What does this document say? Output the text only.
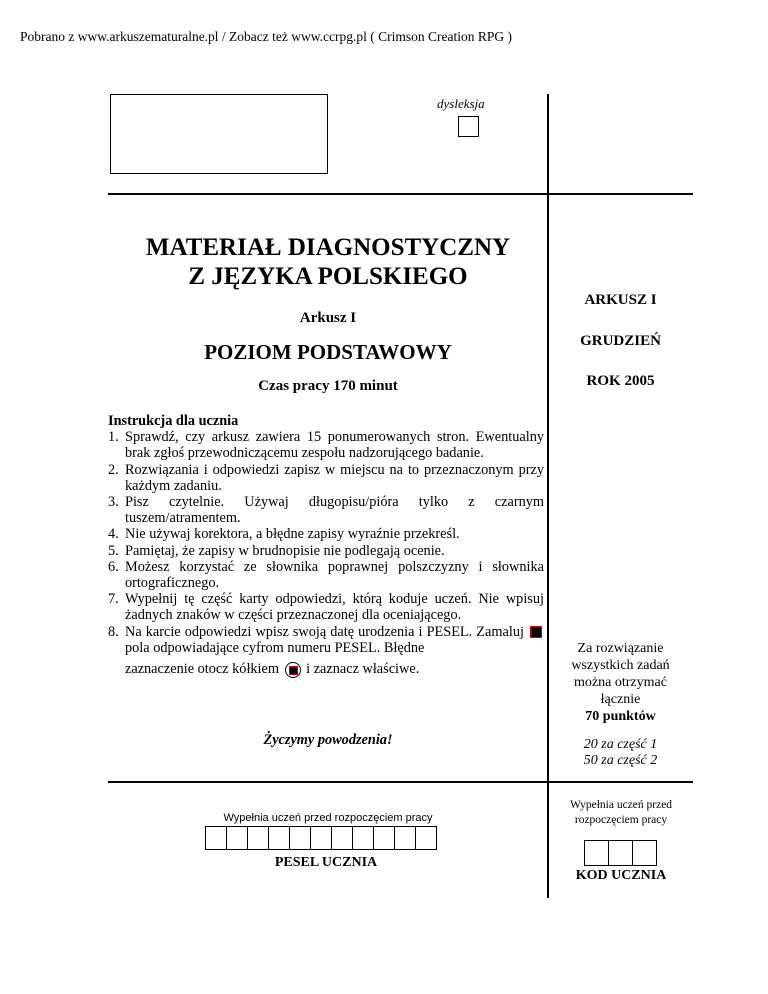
Pobrano z www.arkuszematuralne.pl / Zobacz też www.ccrpg.pl ( Crimson Creation RPG )
dysleksja
MATERIAŁ DIAGNOSTYCZNY
Z JĘZYKA POLSKIEGO
Arkusz I
POZIOM PODSTAWOWY
Czas pracy 170 minut
ARKUSZ I
GRUDZIEŃ
ROK 2005
Instrukcja dla ucznia
1. Sprawdź, czy arkusz zawiera 15 ponumerowanych stron. Ewentualny brak zgłoś przewodniczącemu zespołu nadzorującego badanie.
2. Rozwiązania i odpowiedzi zapisz w miejscu na to przeznaczonym przy każdym zadaniu.
3. Pisz czytelnie. Używaj długopisu/pióra tylko z czarnym tuszem/atramentem.
4. Nie używaj korektora, a błędne zapisy wyraźnie przekreśl.
5. Pamiętaj, że zapisy w brudnopisie nie podlegają ocenie.
6. Możesz korzystać ze słownika poprawnej polszczyzny i słownika ortograficznego.
7. Wypełnij tę część karty odpowiedzi, którą koduje uczeń. Nie wpisuj żadnych znaków w części przeznaczonej dla oceniającego.
8. Na karcie odpowiedzi wpisz swoją datę urodzenia i PESEL. Zamaluj  pola odpowiadające cyfrom numeru PESEL. Błędne
zaznaczenie otocz kółkiem i zaznacz właściwe.
Życzymy powodzenia!
Za rozwiązanie
wszystkich zadań
można otrzymać
łącznie
70 punktów
20 za część 1
50 za część 2
Wypełnia uczeń przed rozpoczęciem pracy
PESEL UCZNIA
Wypełnia uczeń przed rozpoczęciem pracy
KOD UCZNIA
